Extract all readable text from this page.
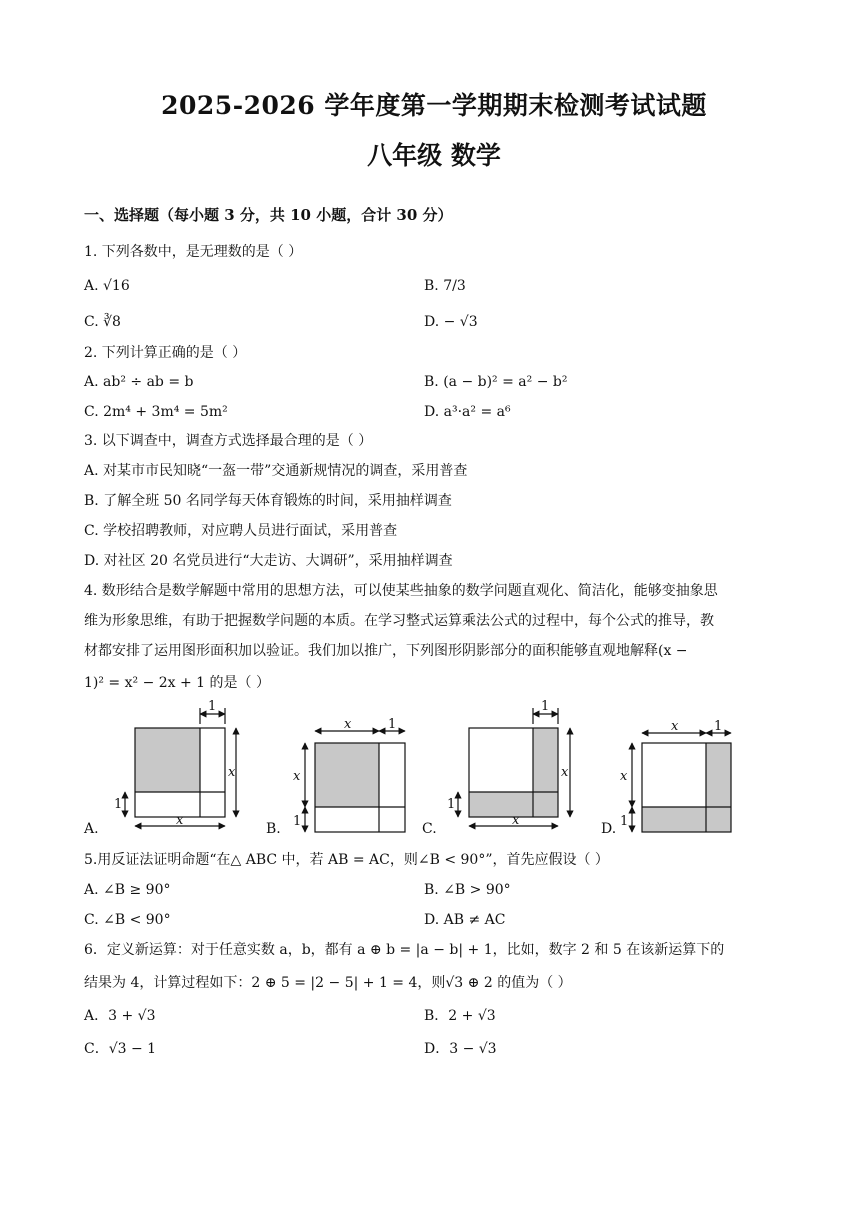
2025-2026 学年度第一学期期末检测考试试题
八年级 数学
一、选择题（每小题 3 分，共 10 小题，合计 30 分）
1. 下列各数中，是无理数的是（ ）
A. √16	B. 7/3
C. ∛8	D. − √3
2. 下列计算正确的是（ ）
A. ab² ÷ ab = b	B. (a − b)² = a² − b²
C. 2m⁴ + 3m⁴ = 5m²	D. a³·a² = a⁶
3. 以下调查中，调查方式选择最合理的是（ ）
A. 对某市市民知晓“一盔一带”交通新规情况的调查，采用普查
B. 了解全班 50 名同学每天体育锻炼的时间，采用抽样调查
C. 学校招聘教师，对应聘人员进行面试，采用普查
D. 对社区 20 名党员进行“大走访、大调研”，采用抽样调查
4. 数形结合是数学解题中常用的思想方法，可以使某些抽象的数学问题直观化、简洁化，能够变抽象思
维为形象思维，有助于把握数学问题的本质。在学习整式运算乘法公式的过程中，每个公式的推导，教
材都安排了运用图形面积加以验证。我们加以推广，下列图形阴影部分的面积能够直观地解释(x −
1)² = x² − 2x + 1 的是（ ）
1
x
1
x
x	1
x
1
1
x
1
x
x	1
x
1
A.	B.	C.	D.
5.用反证法证明命题“在△ ABC 中，若 AB = AC，则∠B < 90°”，首先应假设（ ）
A. ∠B ≥ 90°	B. ∠B > 90°
C. ∠B < 90°	D. AB ≠ AC
6．定义新运算：对于任意实数 a，b，都有 a ⊕ b = |a − b| + 1，比如，数字 2 和 5 在该新运算下的
结果为 4，计算过程如下：2 ⊕ 5 = |2 − 5| + 1 = 4，则√3 ⊕ 2 的值为（ ）
A．3 + √3	B．2 + √3
C．√3 − 1	D．3 − √3
